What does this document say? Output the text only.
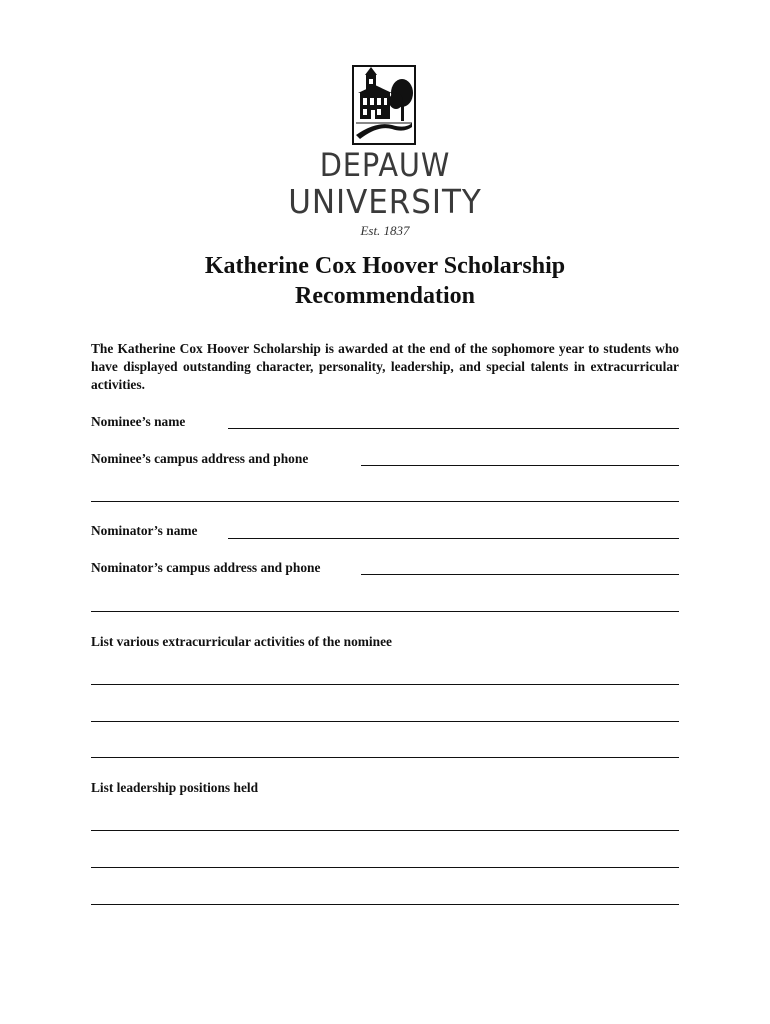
DEPAUW
UNIVERSITY
Est. 1837
Katherine Cox Hoover Scholarship
Recommendation
The Katherine Cox Hoover Scholarship is awarded at the end of the sophomore year to students who have displayed outstanding character, personality, leadership, and special talents in extracurricular activities.
Nominee’s name
Nominee’s campus address and phone
Nominator’s name
Nominator’s campus address and phone
List various extracurricular activities of the nominee
List leadership positions held
